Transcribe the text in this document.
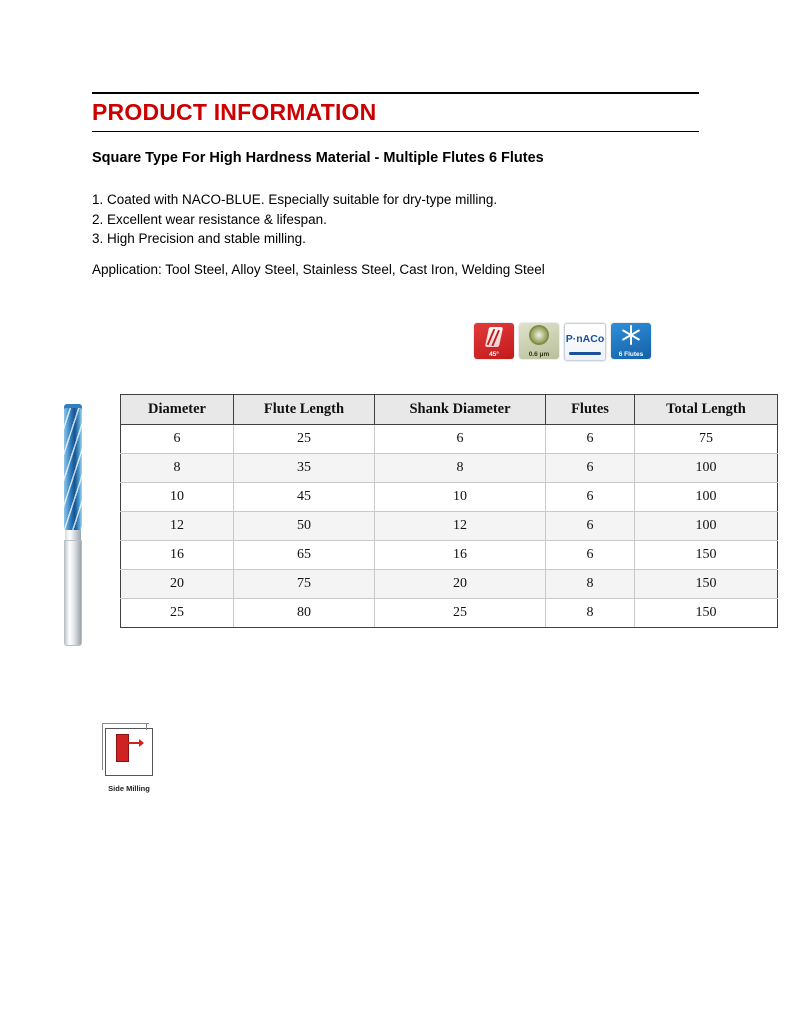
PRODUCT INFORMATION
Square Type For High Hardness Material - Multiple Flutes 6 Flutes
1. Coated with NACO-BLUE. Especially suitable for dry-type milling.
2. Excellent wear resistance & lifespan.
3. High Precision and stable milling.
Application: Tool Steel, Alloy Steel, Stainless Steel, Cast Iron, Welding Steel
45°	0.6 μm
P·nACo
6 Flutes
Diameter	Flute Length	Shank Diameter	Flutes	Total Length
6	25	6	6	75
8	35	8	6	100
10	45	10	6	100
12	50	12	6	100
16	65	16	6	150
20	75	20	8	150
25	80	25	8	150
Side Milling
